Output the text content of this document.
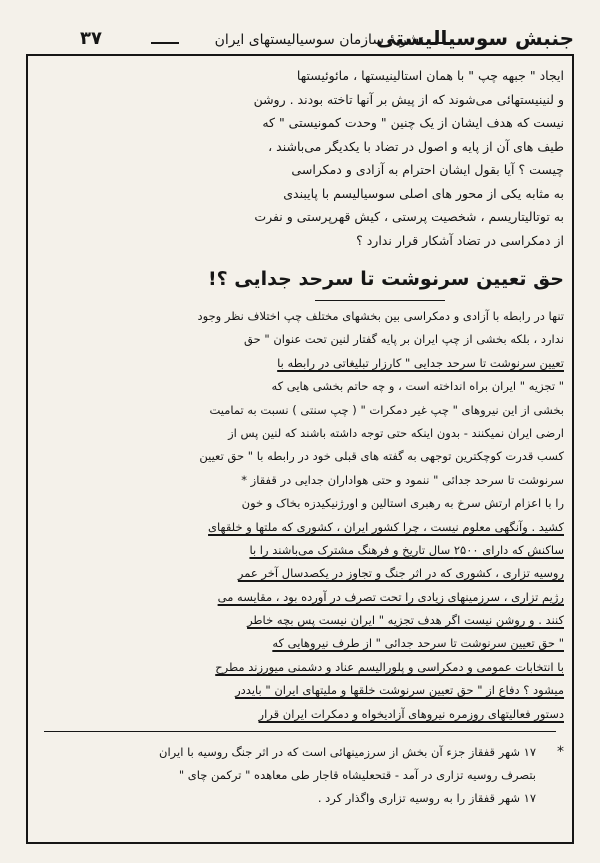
جنبش سوسیالیستی
نشریهٔ سازمان سوسیالیستهای ایران
۳۷
ایجاد " جبهه چپ " با همان استالینیستها ، مائوئیستها
و لنینیستهائی می‌شوند که از پیش بر آنها تاخته بودند . روشن
نیست که هدف ایشان از یک چنین " وحدت کمونیستی " که
طیف های آن از پایه و اصول در تضاد با یکدیگر می‌باشند ،
چیست ؟ آیا بقول ایشان احترام به آزادی و دمکراسی
به مثابه یکی از محور های اصلی سوسیالیسم با پایبندی
به توتالیتاریسم ، شخصیت پرستی ، کیش قهرپرستی و نفرت
از دمکراسی در تضاد آشکار قرار ندارد ؟
حق تعیین سرنوشت تا سرحد جدایی ؟!
تنها در رابطه با آزادی و دمکراسی بین بخشهای مختلف چپ اختلاف نظر وجود
ندارد ، بلکه بخشی از چپ ایران بر پایه گفتار لنین تحت عنوان " حق
تعیین سرنوشت تا سرحد جدایی " کارزار تبلیغاتی در رابطه با
" تجزیه " ایران براه انداخته است ، و چه حاتم بخشی هایی که
بخشی از این نیروهای " چپ غیر دمکرات " ( چپ سنتی ) نسبت به تمامیت
ارضی ایران نمیکنند - بدون اینکه حتی توجه داشته باشند که لنین پس از
کسب قدرت کوچکترین توجهی به گفته های قبلی خود در رابطه با " حق تعیین
سرنوشت تا سرحد جدائی " ننمود و حتی هواداران جدایی در قفقاز *
را با اعزام ارتش سرخ به رهبری استالین و اورژنیکیدزه بخاک و خون
کشید . وآنگهی معلوم نیست ، چرا کشور ایران ، کشوری که ملتها و خلقهای
ساکنش که دارای ۲۵۰۰ سال تاریخ و فرهنگ مشترک می‌باشند را با
روسیه تزاری ، کشوری که در اثر جنگ و تجاوز در یکصدسال آخر عمر
رژیم تزاری ، سرزمینهای زیادی را تحت تصرف در آورده بود ، مقایسه می
کنند . و روشن نیست اگر هدف تجزیه " ایران نیست پس بچه خاطر
" حق تعیین سرنوشت تا سرحد جدائی " از طرف نیروهایی که
با انتخابات عمومی و دمکراسی و پلورالیسم عناد و دشمنی میورزند مطرح
میشود ؟ دفاع از " حق تعیین سرنوشت خلقها و ملیتهای ایران " بایددر
دستور فعالیتهای روزمره نیروهای آزادیخواه و دمکرات ایران قرار
*
۱۷ شهر قفقاز جزء آن بخش از سرزمینهائی است که در اثر جنگ روسیه با ایران
بتصرف روسیه تزاری در آمد - قتحعلیشاه قاجار طی معاهده " ترکمن چای "
۱۷ شهر قفقاز را به روسیه تزاری واگذار کرد .
